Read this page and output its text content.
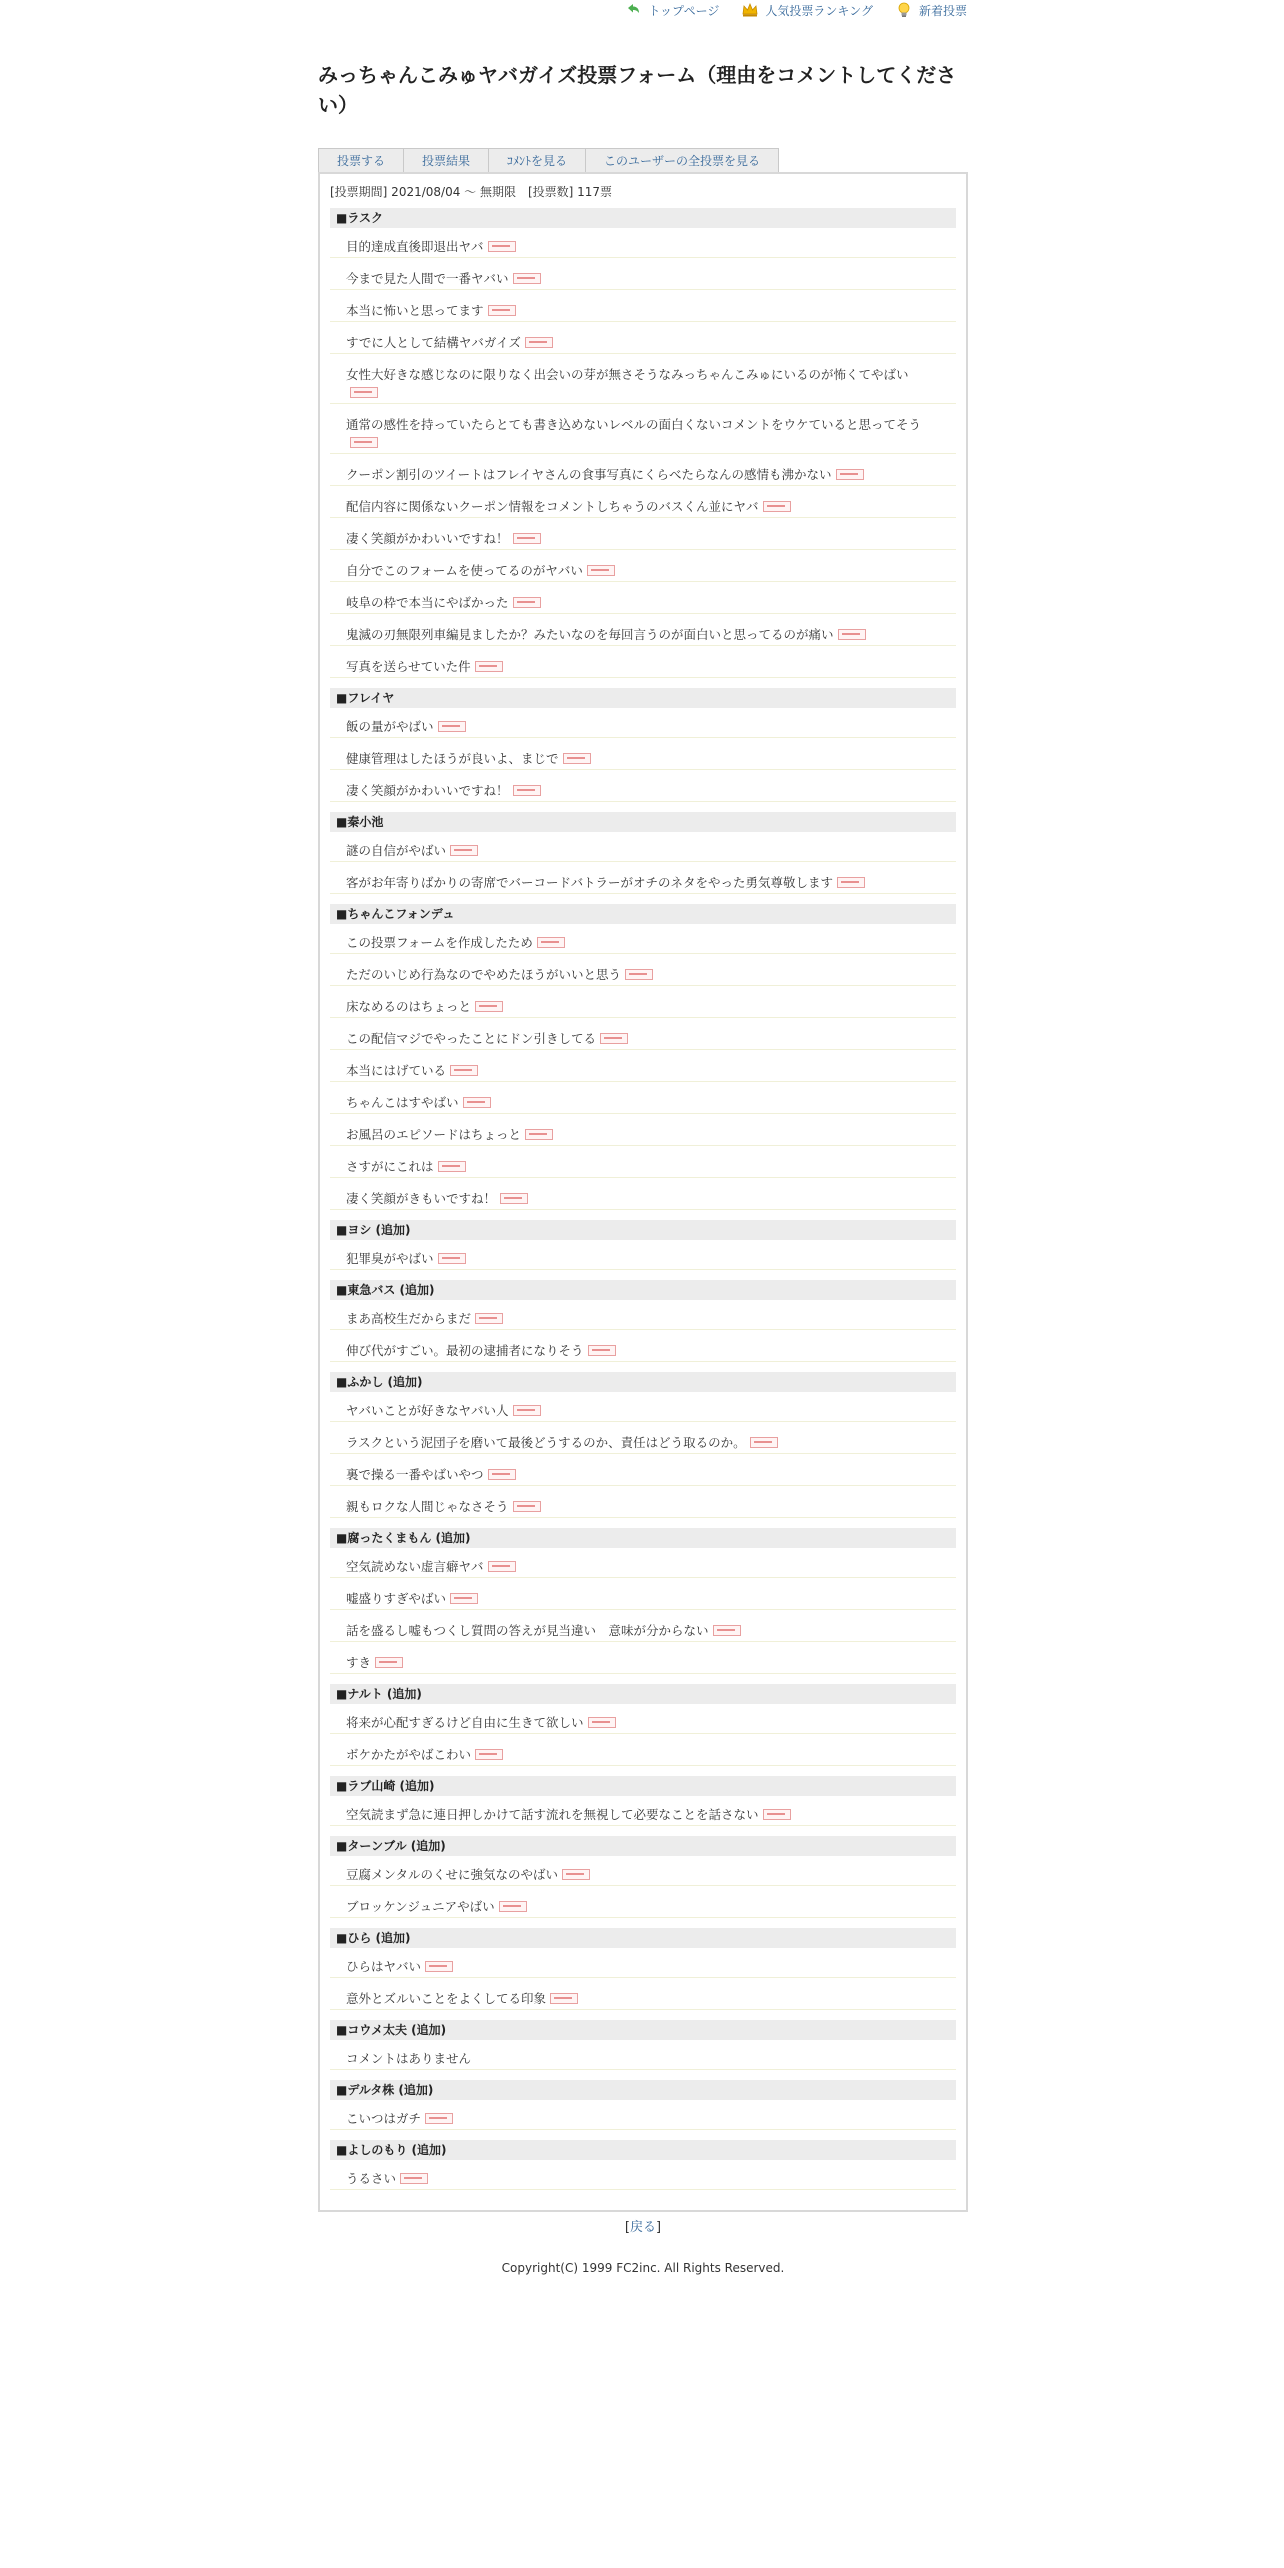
トップページ	人気投票ランキング	新着投票
みっちゃんこみゅヤバガイズ投票フォーム（理由をコメントしてください）
投票する	投票結果	ｺﾒﾝﾄを見る	このユーザーの全投票を見る
[投票期間] 2021/08/04 ～ 無期限　[投票数] 117票
■ラスク
目的達成直後即退出ヤバ
今まで見た人間で一番ヤバい
本当に怖いと思ってます
すでに人として結構ヤバガイズ
女性大好きな感じなのに限りなく出会いの芽が無さそうなみっちゃんこみゅにいるのが怖くてやばい
通常の感性を持っていたらとても書き込めないレベルの面白くないコメントをウケていると思ってそう
クーポン割引のツイートはフレイヤさんの食事写真にくらべたらなんの感情も沸かない
配信内容に関係ないクーポン情報をコメントしちゃうのバスくん並にヤバ
凄く笑顔がかわいいですね！
自分でこのフォームを使ってるのがヤバい
岐阜の枠で本当にやばかった
鬼滅の刃無限列車編見ましたか？みたいなのを毎回言うのが面白いと思ってるのが痛い
写真を送らせていた件
■フレイヤ
飯の量がやばい
健康管理はしたほうが良いよ、まじで
凄く笑顔がかわいいですね！
■秦小池
謎の自信がやばい
客がお年寄りばかりの寄席でバーコードバトラーがオチのネタをやった勇気尊敬します
■ちゃんこフォンデュ
この投票フォームを作成したため
ただのいじめ行為なのでやめたほうがいいと思う
床なめるのはちょっと
この配信マジでやったことにドン引きしてる
本当にはげている
ちゃんこはすやばい
お風呂のエピソードはちょっと
さすがにこれは
凄く笑顔がきもいですね！
■ヨシ (追加)
犯罪臭がやばい
■東急バス (追加)
まあ高校生だからまだ
伸び代がすごい。最初の逮捕者になりそう
■ふかし (追加)
ヤバいことが好きなヤバい人
ラスクという泥団子を磨いて最後どうするのか、責任はどう取るのか。
裏で操る一番やばいやつ
親もロクな人間じゃなさそう
■腐ったくまもん (追加)
空気読めない虚言癖ヤバ
嘘盛りすぎやばい
話を盛るし嘘もつくし質問の答えが見当違い　意味が分からない
すき
■ナルト (追加)
将来が心配すぎるけど自由に生きて欲しい
ボケかたがやばこわい
■ラブ山崎 (追加)
空気読まず急に連日押しかけて話す流れを無視して必要なことを話さない
■ターンブル (追加)
豆腐メンタルのくせに強気なのやばい
ブロッケンジュニアやばい
■ひら (追加)
ひらはヤバい
意外とズルいことをよくしてる印象
■コウメ太夫 (追加)
コメントはありません
■デルタ株 (追加)
こいつはガチ
■よしのもり (追加)
うるさい
[戻る]
Copyright(C) 1999 FC2inc. All Rights Reserved.
